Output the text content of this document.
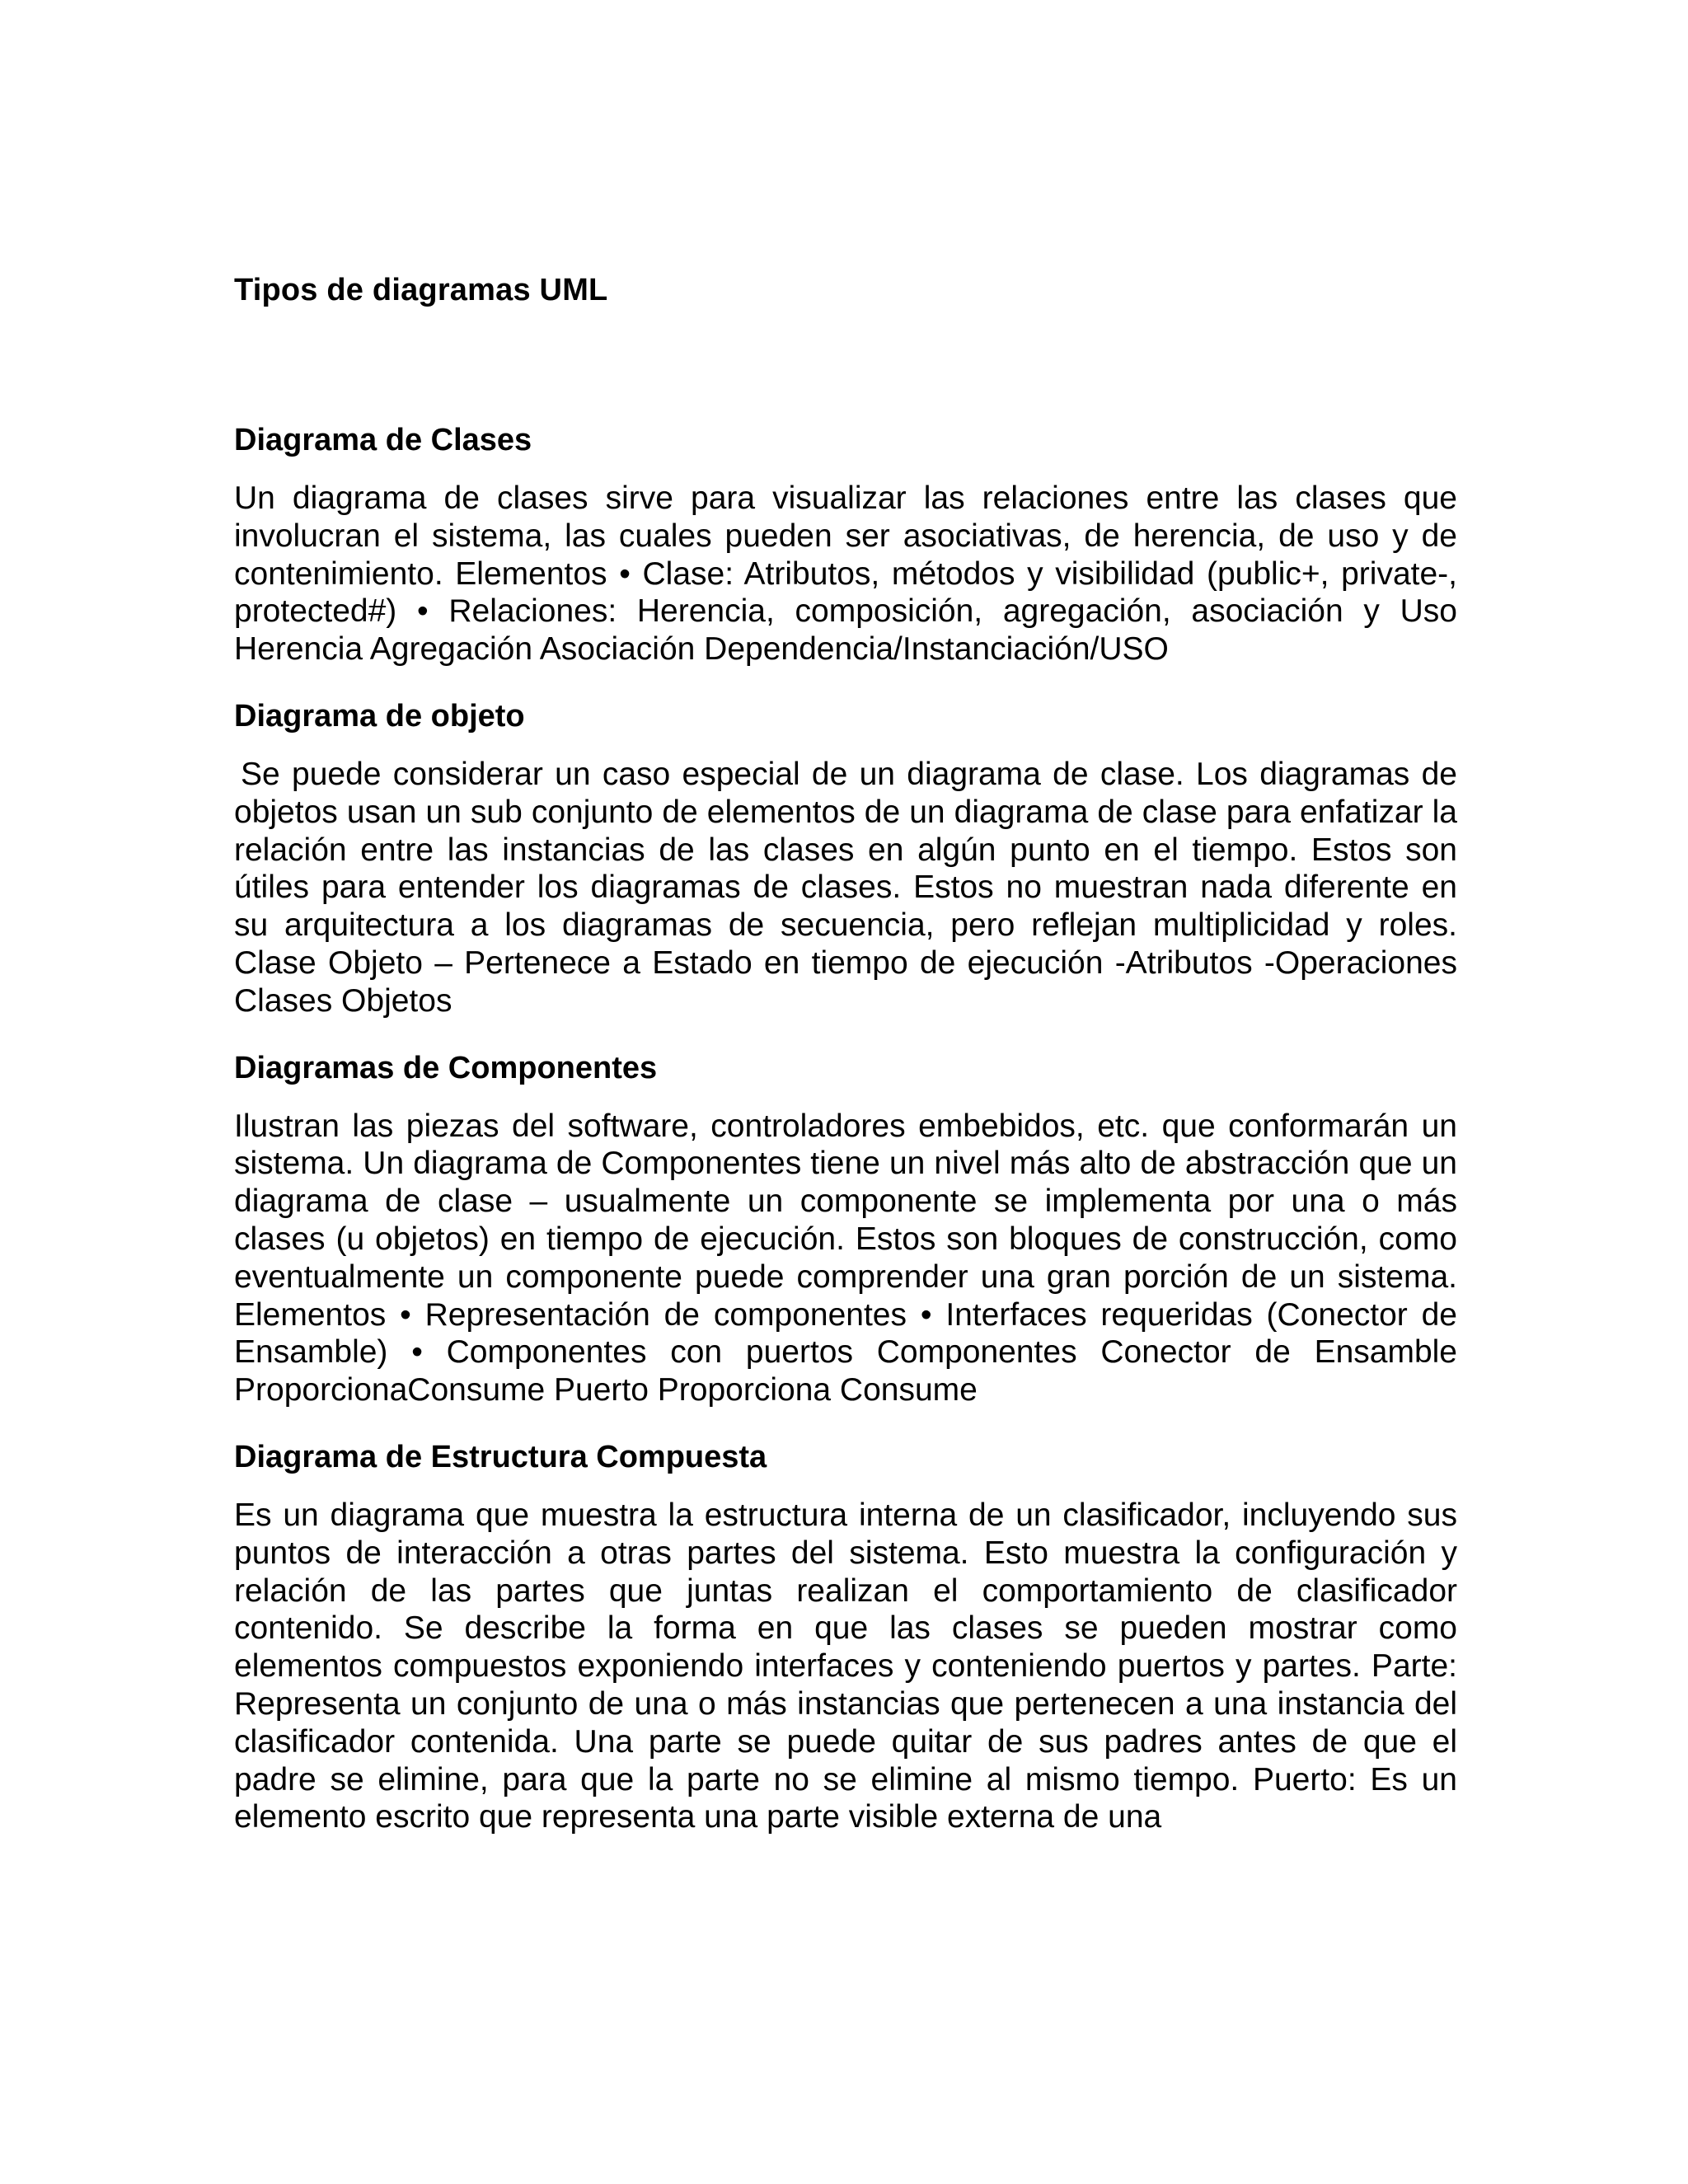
Tipos de diagramas UML
Diagrama de Clases

Un diagrama de clases sirve para visualizar las relaciones entre las clases que involucran el sistema, las cuales pueden ser asociativas, de herencia, de uso y de contenimiento. Elementos • Clase: Atributos, métodos y visibilidad (public+, private-, protected#) • Relaciones: Herencia, composición, agregación, asociación y Uso Herencia Agregación Asociación Dependencia/Instanciación/USO

Diagrama de objeto

Se puede considerar un caso especial de un diagrama de clase. Los diagramas de objetos usan un sub conjunto de elementos de un diagrama de clase para enfatizar la relación entre las instancias de las clases en algún punto en el tiempo. Estos son útiles para entender los diagramas de clases. Estos no muestran nada diferente en su arquitectura a los diagramas de secuencia, pero reflejan multiplicidad y roles. Clase Objeto – Pertenece a Estado en tiempo de ejecución -Atributos -Operaciones Clases Objetos

Diagramas de Componentes

Ilustran las piezas del software, controladores embebidos, etc. que conformarán un sistema. Un diagrama de Componentes tiene un nivel más alto de abstracción que un diagrama de clase – usualmente un componente se implementa por una o más clases (u objetos) en tiempo de ejecución. Estos son bloques de construcción, como eventualmente un componente puede comprender una gran porción de un sistema. Elementos • Representación de componentes • Interfaces requeridas (Conector de Ensamble) • Componentes con puertos Componentes Conector de Ensamble ProporcionaConsume Puerto Proporciona Consume

Diagrama de Estructura Compuesta

Es un diagrama que muestra la estructura interna de un clasificador, incluyendo sus puntos de interacción a otras partes del sistema. Esto muestra la configuración y relación de las partes que juntas realizan el comportamiento de clasificador contenido. Se describe la forma en que las clases se pueden mostrar como elementos compuestos exponiendo interfaces y conteniendo puertos y partes. Parte: Representa un conjunto de una o más instancias que pertenecen a una instancia del clasificador contenida. Una parte se puede quitar de sus padres antes de que el padre se elimine, para que la parte no se elimine al mismo tiempo. Puerto: Es un elemento escrito que representa una parte visible externa de una
